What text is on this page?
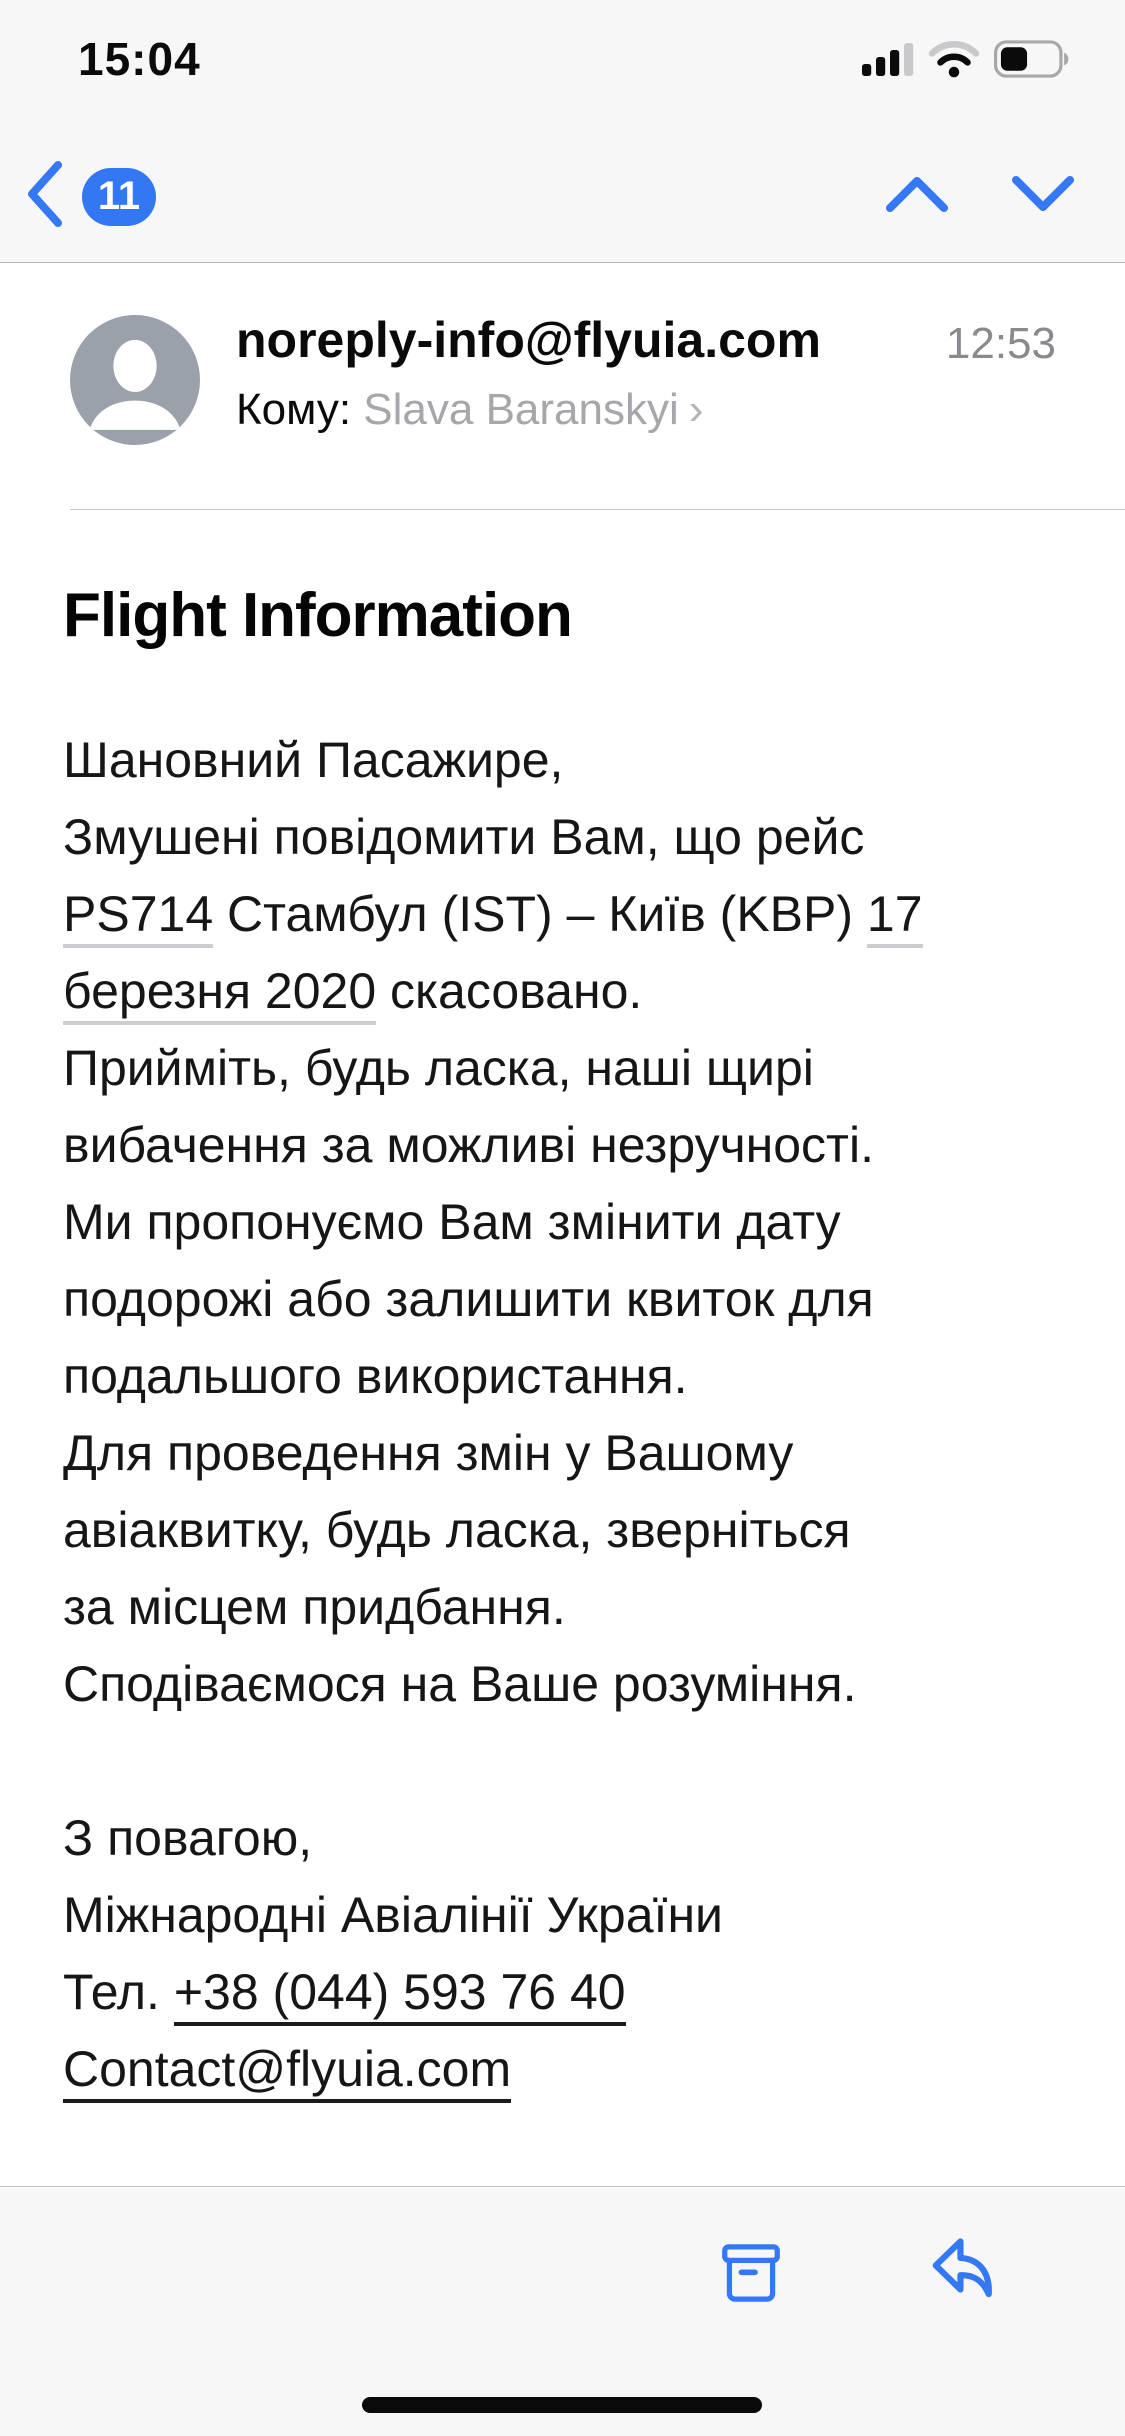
15:04
11
noreply-info@flyuia.com	12:53
Кому: Slava Baranskyi ›
Flight Information
Шановний Пасажире,
Змушені повідомити Вам, що рейс
PS714 Стамбул (IST) – Київ (KBP) 17
березня 2020 скасовано.
Прийміть, будь ласка, наші щирі
вибачення за можливі незручності.
Ми пропонуємо Вам змінити дату
подорожі або залишити квиток для
подальшого використання.
Для проведення змін у Вашому
авіаквитку, будь ласка, зверніться
за місцем придбання.
Сподіваємося на Ваше розуміння.
З повагою,
Міжнародні Авіалінії України
Тел. +38 (044) 593 76 40
Contact@flyuia.com
